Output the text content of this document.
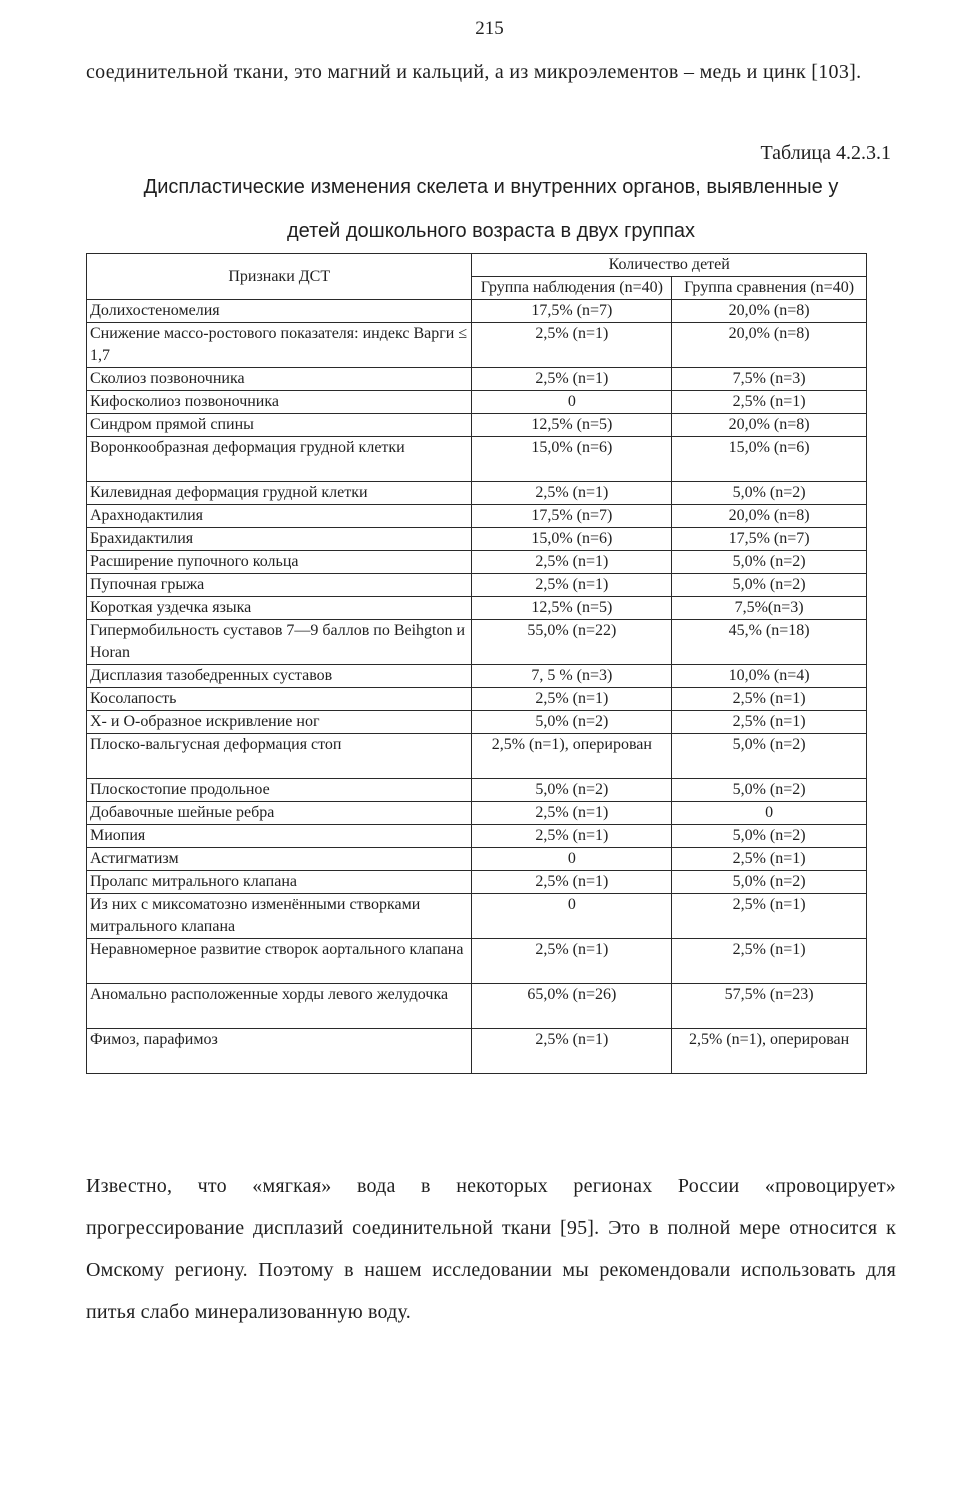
215
соединительной ткани, это магний и кальций, а из микроэлементов – медь и цинк [103].
Таблица 4.2.3.1
Диспластические изменения скелета и внутренних органов, выявленные у
детей дошкольного возраста в двух группах
Признаки ДСТ	Количество детей	
	Группа наблюдения (n=40)	Группа сравнения (n=40)
Долихостеномелия	17,5% (n=7)	20,0% (n=8)
Снижение массо-ростового показателя: индекс Варги ≤ 1,7	2,5% (n=1)	20,0% (n=8)
Сколиоз позвоночника	2,5% (n=1)	7,5% (n=3)
Кифосколиоз позвоночника	0	2,5% (n=1)
Синдром прямой спины	12,5% (n=5)	20,0% (n=8)
Воронкообразная деформация грудной клетки	15,0% (n=6)	15,0% (n=6)
Килевидная деформация грудной клетки	2,5% (n=1)	5,0% (n=2)
Арахнодактилия	17,5% (n=7)	20,0% (n=8)
Брахидактилия	15,0% (n=6)	17,5% (n=7)
Расширение пупочного кольца	2,5% (n=1)	5,0% (n=2)
Пупочная грыжа	2,5% (n=1)	5,0% (n=2)
Короткая уздечка языка	12,5% (n=5)	7,5%(n=3)
Гипермобильность суставов 7—9 баллов по Beihgton и Horan	55,0% (n=22)	45,% (n=18)
Дисплазия тазобедренных суставов	7, 5 % (n=3)	10,0% (n=4)
Косолапость	2,5% (n=1)	2,5% (n=1)
X- и О-образное искривление ног	5,0% (n=2)	2,5% (n=1)
Плоско-вальгусная деформация стоп	2,5% (n=1), оперирован	5,0% (n=2)
Плоскостопие продольное	5,0% (n=2)	5,0% (n=2)
Добавочные шейные ребра	2,5% (n=1)	0
Миопия	2,5% (n=1)	5,0% (n=2)
Астигматизм	0	2,5% (n=1)
Пролапс митрального клапана	2,5% (n=1)	5,0% (n=2)
Из них с миксоматозно изменёнными створками митрального клапана	0	2,5% (n=1)
Неравномерное развитие створок аортального клапана	2,5% (n=1)	2,5% (n=1)
Аномально расположенные хорды левого желудочка	65,0% (n=26)	57,5% (n=23)
Фимоз, парафимоз	2,5% (n=1)	2,5% (n=1), оперирован
Известно, что «мягкая» вода в некоторых регионах России «провоцирует» прогрессирование дисплазий соединительной ткани [95]. Это в полной мере относится к Омскому региону. Поэтому в нашем исследовании мы рекомендовали использовать для питья слабо минерализованную воду.
